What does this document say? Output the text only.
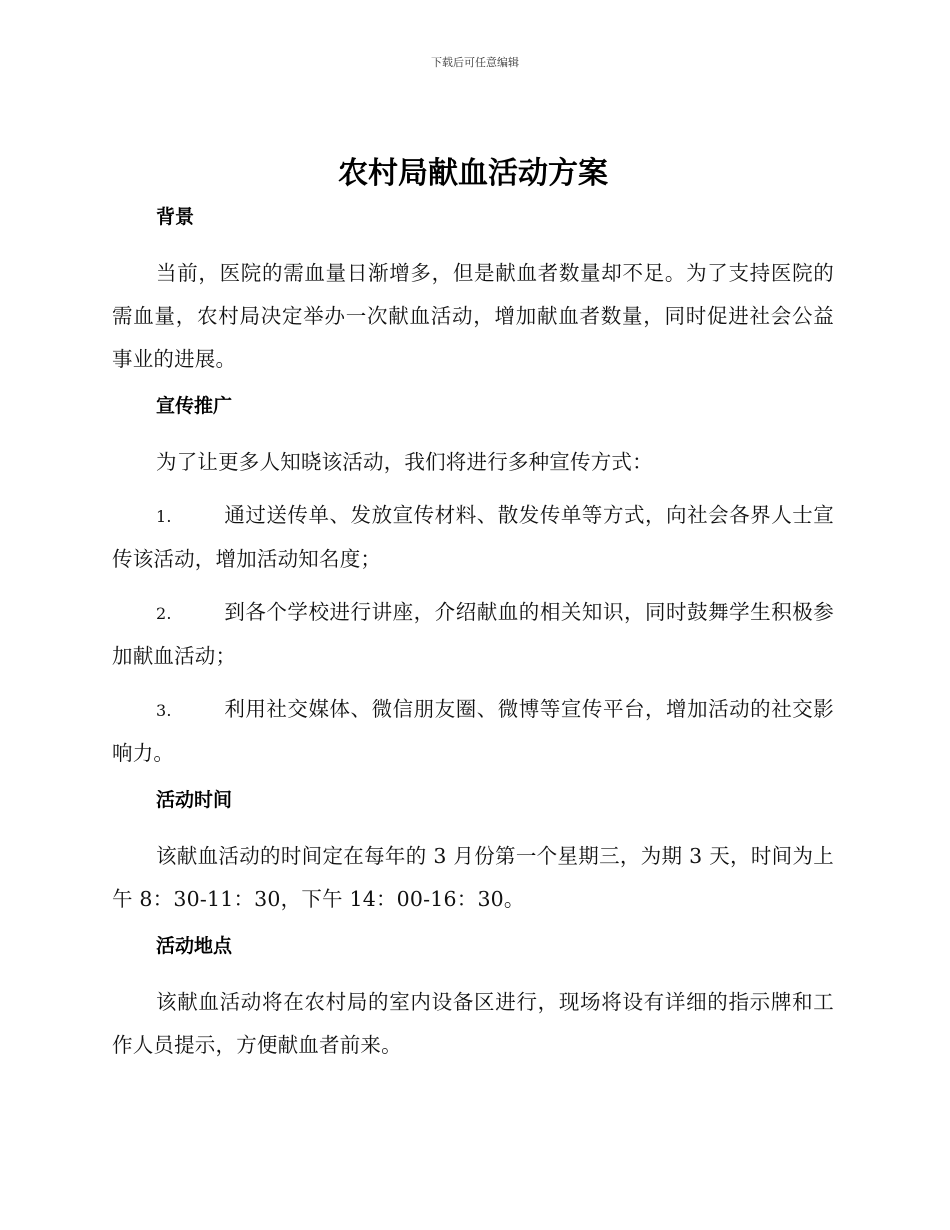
下载后可任意编辑
农村局献血活动方案
背景

当前，医院的需血量日渐增多，但是献血者数量却不足。为了支持医院的需血量，农村局决定举办一次献血活动，增加献血者数量，同时促进社会公益事业的进展。

宣传推广

为了让更多人知晓该活动，我们将进行多种宣传方式：

1.	通过送传单、发放宣传材料、散发传单等方式，向社会各界人士宣传该活动，增加活动知名度；

2.	到各个学校进行讲座，介绍献血的相关知识，同时鼓舞学生积极参加献血活动；

3.	利用社交媒体、微信朋友圈、微博等宣传平台，增加活动的社交影响力。

活动时间

该献血活动的时间定在每年的 3 月份第一个星期三，为期 3 天，时间为上午 8：30-11：30，下午 14：00-16：30。

活动地点

该献血活动将在农村局的室内设备区进行，现场将设有详细的指示牌和工作人员提示，方便献血者前来。
